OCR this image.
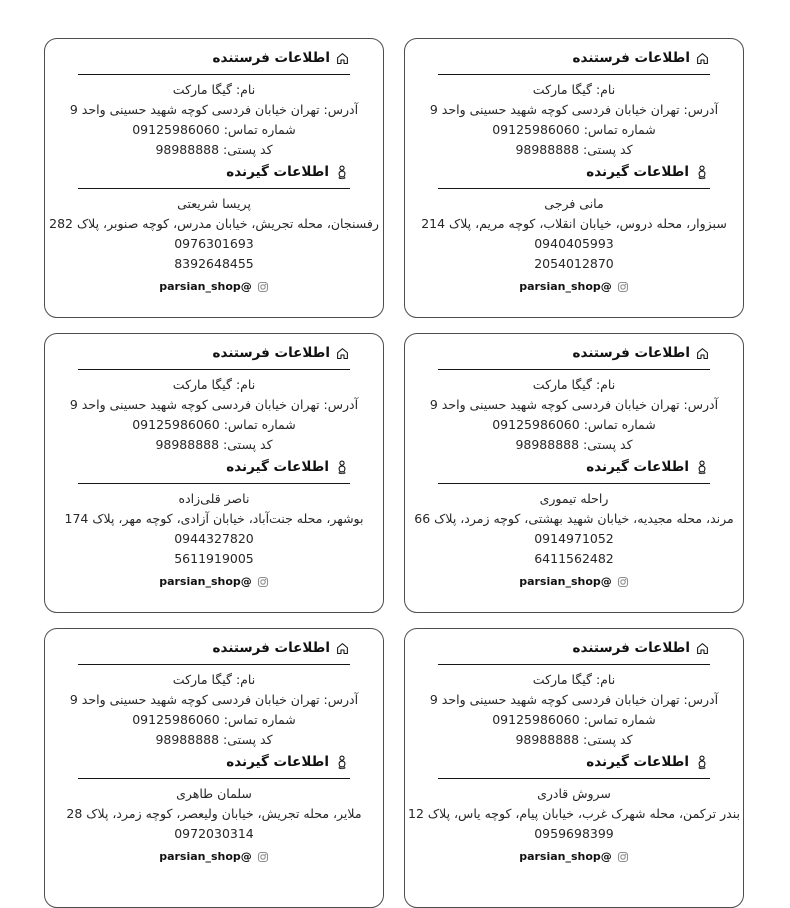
اطلاعات فرستنده
نام: گیگا مارکت
آدرس: تهران خیابان فردسی کوچه شهید حسینی واحد 9
شماره تماس: 09125986060
کد پستی: 98988888
اطلاعات گیرنده
پریسا شریعتی
رفسنجان، محله تجریش، خیابان مدرس، کوچه صنوبر، پلاک 282
0976301693
8392648455
parsian_shop@
اطلاعات فرستنده
نام: گیگا مارکت
آدرس: تهران خیابان فردسی کوچه شهید حسینی واحد 9
شماره تماس: 09125986060
کد پستی: 98988888
اطلاعات گیرنده
مانی فرجی
سبزوار، محله دروس، خیابان انقلاب، کوچه مریم، پلاک 214
0940405993
2054012870
parsian_shop@
اطلاعات فرستنده
نام: گیگا مارکت
آدرس: تهران خیابان فردسی کوچه شهید حسینی واحد 9
شماره تماس: 09125986060
کد پستی: 98988888
اطلاعات گیرنده
ناصر قلی‌زاده
بوشهر، محله جنت‌آباد، خیابان آزادی، کوچه مهر، پلاک 174
0944327820
5611919005
parsian_shop@
اطلاعات فرستنده
نام: گیگا مارکت
آدرس: تهران خیابان فردسی کوچه شهید حسینی واحد 9
شماره تماس: 09125986060
کد پستی: 98988888
اطلاعات گیرنده
راحله تیموری
مرند، محله مجیدیه، خیابان شهید بهشتی، کوچه زمرد، پلاک 66
0914971052
6411562482
parsian_shop@
اطلاعات فرستنده
نام: گیگا مارکت
آدرس: تهران خیابان فردسی کوچه شهید حسینی واحد 9
شماره تماس: 09125986060
کد پستی: 98988888
اطلاعات گیرنده
سلمان طاهری
ملایر، محله تجریش، خیابان ولیعصر، کوچه زمرد، پلاک 28
0972030314
parsian_shop@
اطلاعات فرستنده
نام: گیگا مارکت
آدرس: تهران خیابان فردسی کوچه شهید حسینی واحد 9
شماره تماس: 09125986060
کد پستی: 98988888
اطلاعات گیرنده
سروش قادری
بندر ترکمن، محله شهرک غرب، خیابان پیام، کوچه یاس، پلاک 12
0959698399
parsian_shop@
